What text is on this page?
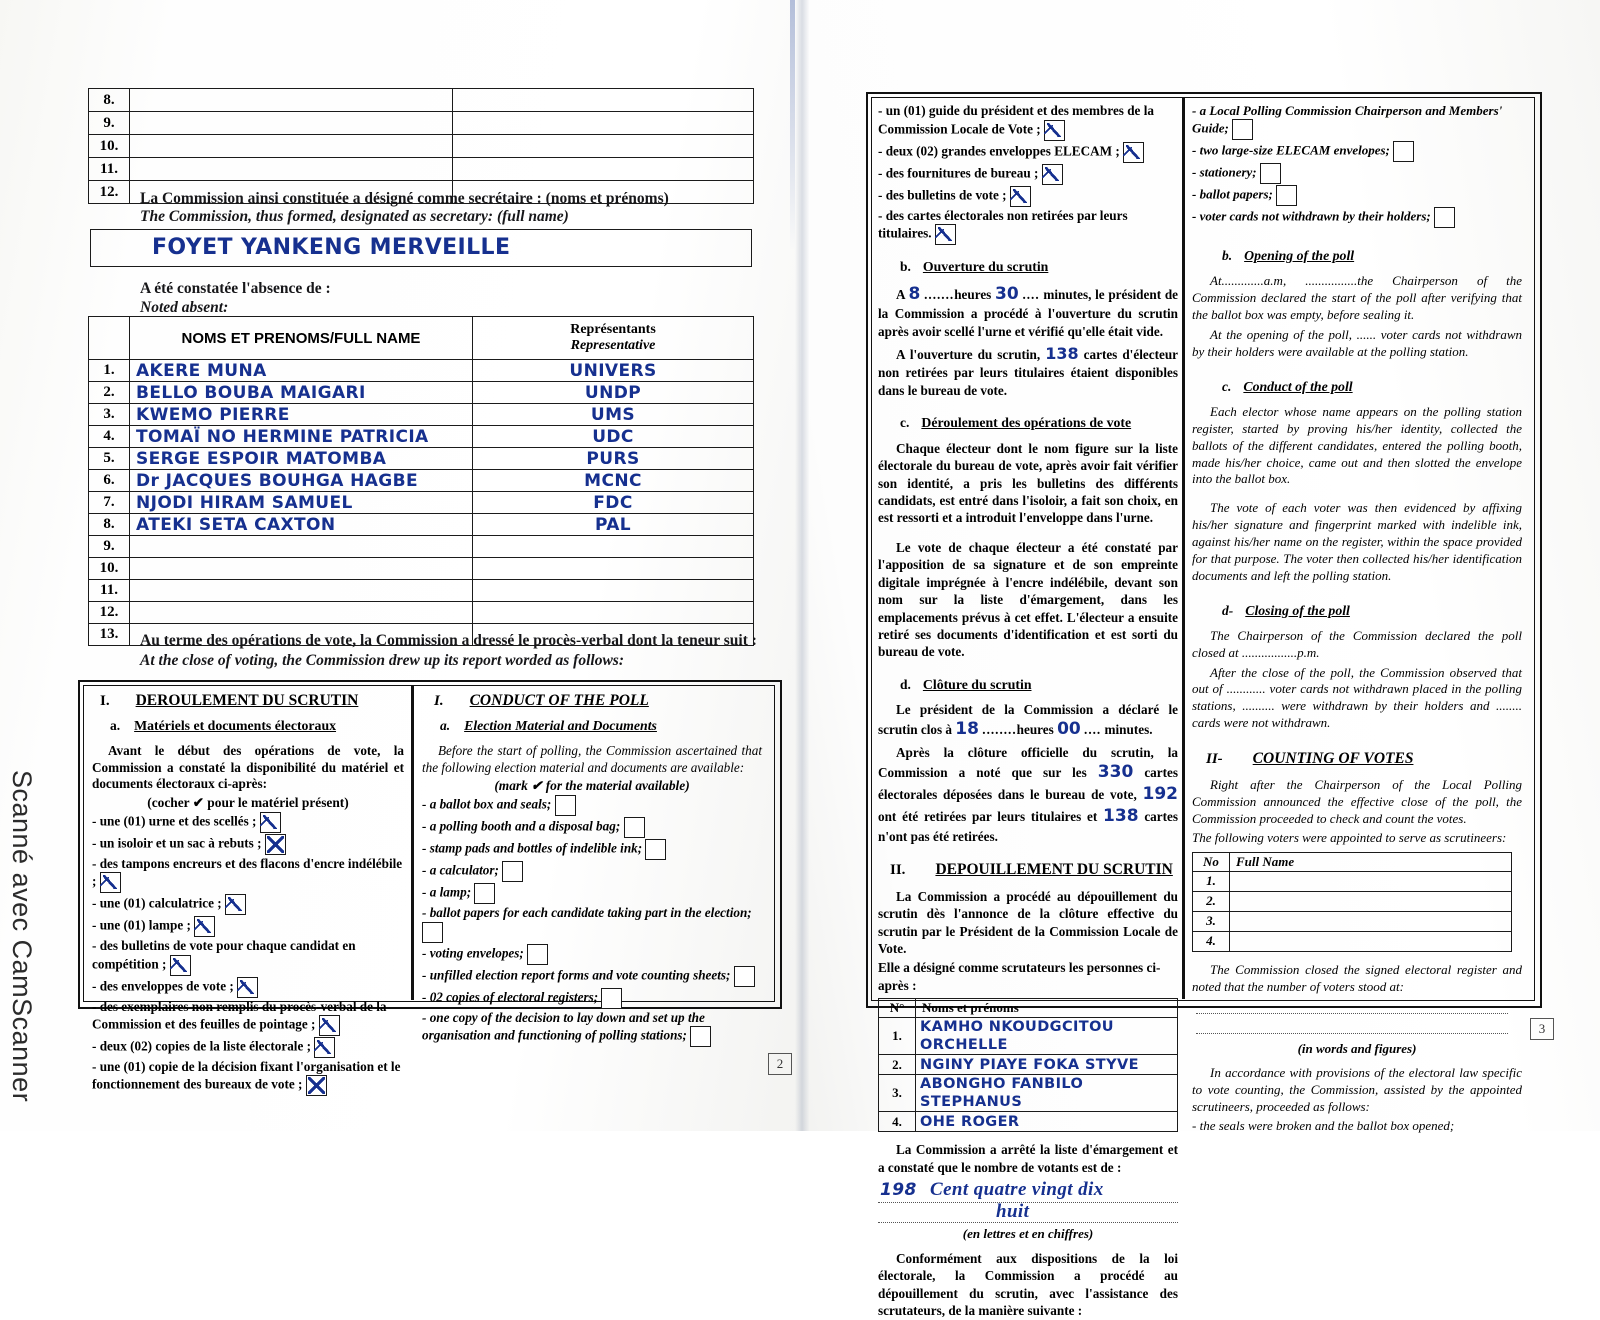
Scanné avec CamScanner
8.		
9.		
10.		
11.		
12.		La Commission ainsi constituée a désigné comme secrétaire : (noms et prénoms)
The Commission, thus formed, designated as secretary: (full name)
FOYET YANKENG MERVEILLE
A été constatée l'absence de :
Noted absent:
	NOMS ET PRENOMS/FULL NAME	Représentants
Representative

1.	AKERE MUNA	UNIVERS
2.	BELLO BOUBA MAIGARI	UNDP
3.	KWEMO PIERRE	UMS
4.	TOMAÏ NO HERMINE PATRICIA	UDC
5.	SERGE ESPOIR MATOMBA	PURS
6.	Dr JACQUES BOUHGA HAGBE	MCNC
7.	NJODI HIRAM SAMUEL	FDC
8.	ATEKI SETA CAXTON	PAL
9.		
10.		
11.		
12.		
13.		Au terme des opérations de vote, la Commission a dressé le procès-verbal dont la teneur suit :
At the close of voting, the Commission drew up its report worded as follows:
I. DEROULEMENT DU SCRUTIN
a. Matériels et documents électoraux
Avant le début des opérations de vote, la Commission a constaté la disponibilité du matériel et documents électoraux ci-après:
(cocher ✔ pour le matériel présent)
- une (01) urne et des scellés ;
- un isoloir et un sac à rebuts ;
- des tampons encreurs et des flacons d'encre indélébile ;
- une (01) calculatrice ;
- une (01) lampe ;
- des bulletins de vote pour chaque candidat en compétition ;
- des enveloppes de vote ;
- des exemplaires non remplis du procès-verbal de la Commission et des feuilles de pointage ;
- deux (02) copies de la liste électorale ;
- une (01) copie de la décision fixant l'organisation et le fonctionnement des bureaux de vote ;
I. CONDUCT OF THE POLL
a. Election Material and Documents
Before the start of polling, the Commission ascertained that the following election material and documents are available:
(mark ✔ for the material available)
- a ballot box and seals;
- a polling booth and a disposal bag;
- stamp pads and bottles of indelible ink;
- a calculator;
- a lamp;
- ballot papers for each candidate taking part in the election;
- voting envelopes;
- unfilled election report forms and vote counting sheets;
- 02 copies of electoral registers;
- one copy of the decision to lay down and set up the organisation and functioning of polling stations;
2
- un (01) guide du président et des membres de la Commission Locale de Vote ;
- deux (02) grandes enveloppes ELECAM ;
- des fournitures de bureau ;
- des bulletins de vote ;
- des cartes électorales non retirées par leurs titulaires.
b. Ouverture du scrutin
A 8 .......heures 30 .... minutes, le président de la Commission a procédé à l'ouverture du scrutin après avoir scellé l'urne et vérifié qu'elle était vide.
A l'ouverture du scrutin, 138 cartes d'électeur non retirées par leurs titulaires étaient disponibles dans le bureau de vote.
c. Déroulement des opérations de vote
Chaque électeur dont le nom figure sur la liste électorale du bureau de vote, après avoir fait vérifier son identité, a pris les bulletins des différents candidats, est entré dans l'isoloir, a fait son choix, en est ressorti et a introduit l'enveloppe dans l'urne.
Le vote de chaque électeur a été constaté par l'apposition de sa signature et de son empreinte digitale imprégnée à l'encre indélébile, devant son nom sur la liste d'émargement, dans les emplacements prévus à cet effet. L'électeur a ensuite retiré ses documents d'identification et est sorti du bureau de vote.
d. Clôture du scrutin
Le président de la Commission a déclaré le scrutin clos à 18 ........heures 00 .... minutes.
Après la clôture officielle du scrutin, la Commission a noté que sur les 330 cartes électorales déposées dans le bureau de vote, 192 ont été retirées par leurs titulaires et 138 cartes n'ont pas été retirées.
II. DEPOUILLEMENT DU SCRUTIN
La Commission a procédé au dépouillement du scrutin dès l'annonce de la clôture effective du scrutin par le Président de la Commission Locale de Vote.
Elle a désigné comme scrutateurs les personnes ci-après :
N°	Noms et prénoms
1.	KAMHO NKOUDGCITOU ORCHELLE
2.	NGINY PIAYE FOKA STYVE
3.	ABONGHO FANBILO STEPHANUS
4.	OHE ROGER
La Commission a arrêté la liste d'émargement et a constaté que le nombre de votants est de :
198 Cent quatre vingt dix
huit
(en lettres et en chiffres)
Conformément aux dispositions de la loi électorale, la Commission a procédé au dépouillement du scrutin, avec l'assistance des scrutateurs, de la manière suivante :
- a Local Polling Commission Chairperson and Members' Guide;
- two large-size ELECAM envelopes;
- stationery;
- ballot papers;
- voter cards not withdrawn by their holders;
b. Opening of the poll
At.............a.m, ................the Chairperson of the Commission declared the start of the poll after verifying that the ballot box was empty, before sealing it.
At the opening of the poll, ...... voter cards not withdrawn by their holders were available at the polling station.
c. Conduct of the poll
Each elector whose name appears on the polling station register, started by proving his/her identity, collected the ballots of the different candidates, entered the polling booth, made his/her choice, came out and then slotted the envelope into the ballot box.
The vote of each voter was then evidenced by affixing his/her signature and fingerprint marked with indelible ink, against his/her name on the register, within the space provided for that purpose. The voter then collected his/her identification documents and left the polling station.
d- Closing of the poll
The Chairperson of the Commission declared the poll closed at .................p.m.
After the close of the poll, the Commission observed that out of ............ voter cards not withdrawn placed in the polling stations, .......... were withdrawn by their holders and ........ cards were not withdrawn.
II- COUNTING OF VOTES
Right after the Chairperson of the Local Polling Commission announced the effective close of the poll, the Commission proceeded to check and count the votes.
The following voters were appointed to serve as scrutineers:
No	Full Name
1.	
2.	
3.	
4.	
The Commission closed the signed electoral register and noted that the number of voters stood at:
(in words and figures)
In accordance with provisions of the electoral law specific to vote counting, the Commission, assisted by the appointed scrutineers, proceeded as follows:
- the seals were broken and the ballot box opened;
3
